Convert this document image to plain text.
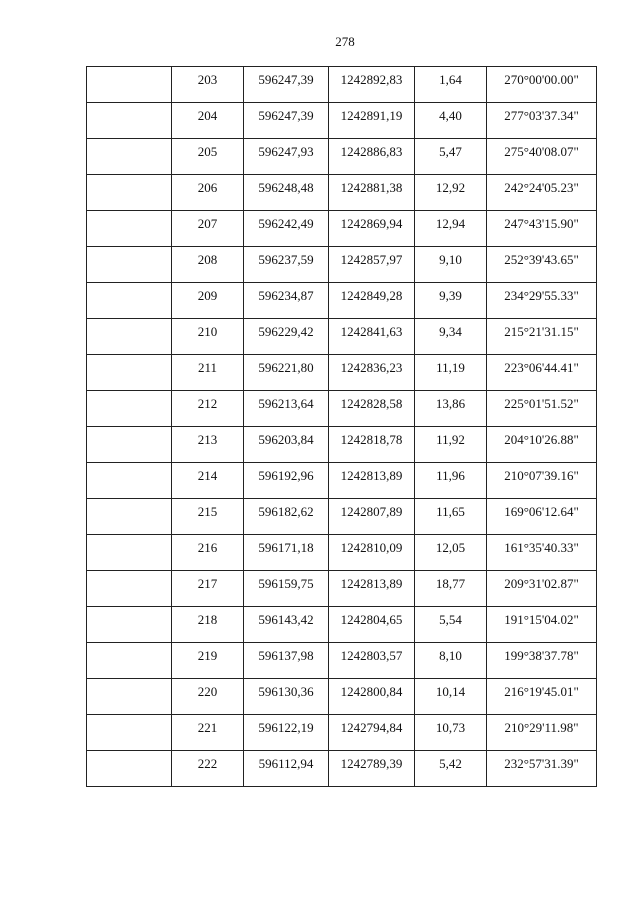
278
	203	596247,39	1242892,83	1,64	270°00'00.00"
	204	596247,39	1242891,19	4,40	277°03'37.34"
	205	596247,93	1242886,83	5,47	275°40'08.07"
	206	596248,48	1242881,38	12,92	242°24'05.23"
	207	596242,49	1242869,94	12,94	247°43'15.90"
	208	596237,59	1242857,97	9,10	252°39'43.65"
	209	596234,87	1242849,28	9,39	234°29'55.33"
	210	596229,42	1242841,63	9,34	215°21'31.15"
	211	596221,80	1242836,23	11,19	223°06'44.41"
	212	596213,64	1242828,58	13,86	225°01'51.52"
	213	596203,84	1242818,78	11,92	204°10'26.88"
	214	596192,96	1242813,89	11,96	210°07'39.16"
	215	596182,62	1242807,89	11,65	169°06'12.64"
	216	596171,18	1242810,09	12,05	161°35'40.33"
	217	596159,75	1242813,89	18,77	209°31'02.87"
	218	596143,42	1242804,65	5,54	191°15'04.02"
	219	596137,98	1242803,57	8,10	199°38'37.78"
	220	596130,36	1242800,84	10,14	216°19'45.01"
	221	596122,19	1242794,84	10,73	210°29'11.98"
	222	596112,94	1242789,39	5,42	232°57'31.39"
